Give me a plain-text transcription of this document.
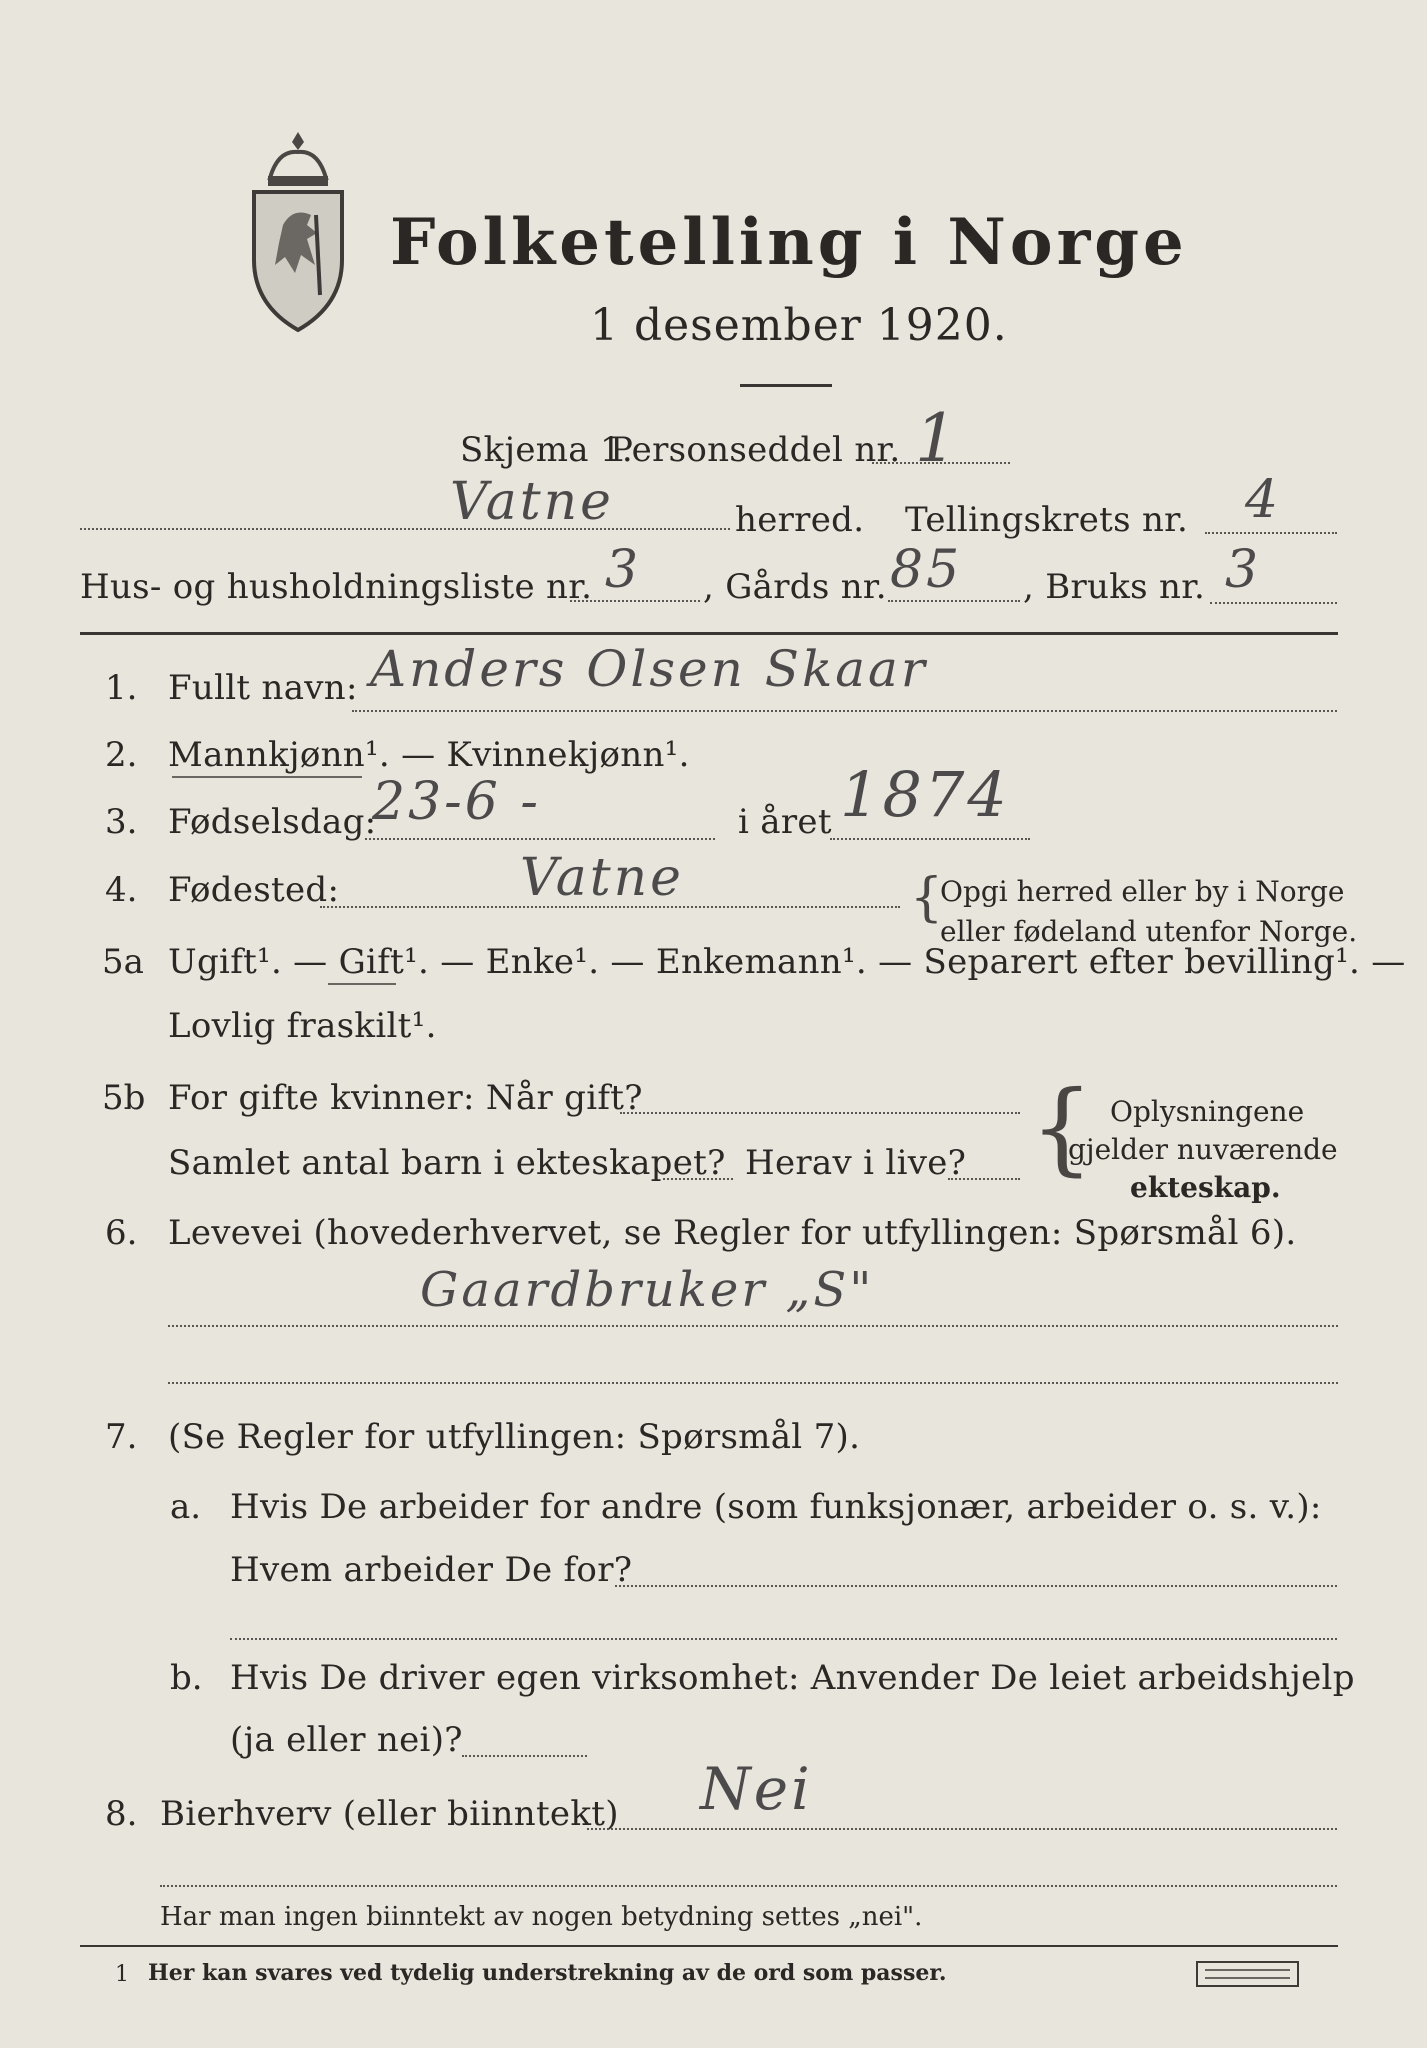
Folketelling i Norge
1 desember 1920.
Skjema 1.
Personseddel nr. 1
Vatne	herred. Tellingskrets nr. 4
Hus- og husholdningsliste nr. 3 , Gårds nr. 85 , Bruks nr. 3
1. Fullt navn: Anders Olsen Skaar
2. Mannkjønn¹. — Kvinnekjønn¹.
3. Fødselsdag:
23-6 -	i året 1874
4. Fødested:	Vatne	{
Opgi herred eller by i Norge
eller fødeland utenfor Norge.
5a Ugift¹. — Gift¹. — Enke¹. — Enkemann¹. — Separert efter bevilling¹. —
Lovlig fraskilt¹.
5b For gifte kvinner: Når gift?
Samlet antal barn i ekteskapet? Herav i live? { Oplysningene
gjelder nuværende
ekteskap.
6. Levevei (hovederhvervet, se Regler for utfyllingen: Spørsmål 6).
Gaardbruker „S"
7. (Se Regler for utfyllingen: Spørsmål 7).
a. Hvis De arbeider for andre (som funksjonær, arbeider o. s. v.):
Hvem arbeider De for?
b. Hvis De driver egen virksomhet: Anvender De leiet arbeidshjelp
(ja eller nei)?
8. Bierhverv (eller biinntekt) Nei
Har man ingen biinntekt av nogen betydning settes „nei".
1 Her kan svares ved tydelig understrekning av de ord som passer.
